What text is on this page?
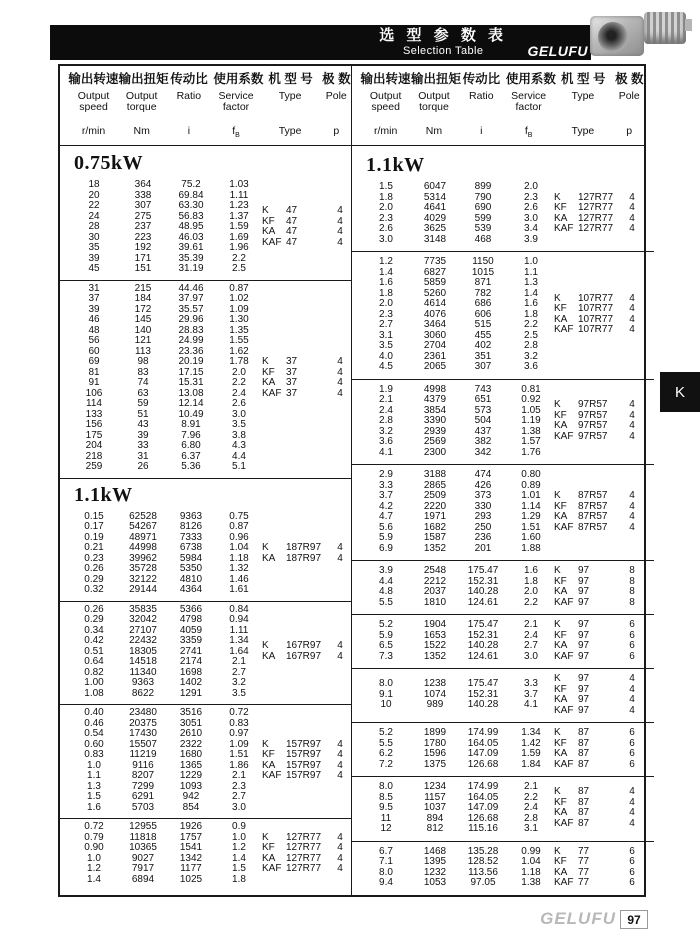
选 型 参 数 表
Selection Table	GELUFU
输出转速 输出扭矩 传动比 使用系数 机 型 号 极 数
Output speed
Output torque
Ratio	Service factor
Type	Pole
r/min	Nm	i	$f_B$	Type	p
0.75kW
18	364	75.2	1.03
20	338	69.84	1.11
22	307	63.30	1.23
24	275	56.83	1.37
28	237	48.95	1.59
30	223	46.03	1.69
35	192	39.61	1.96
39	171	35.39	2.2
45	151	31.19	2.5
K 47	4
KF 47	4
KA 47	4
KAF 47	4
31	215	44.46	0.87
37	184	37.97	1.02
39	172	35.57	1.09
46	145	29.96	1.30
48	140	28.83	1.35
56	121	24.99	1.55
60	113	23.36	1.62
69	98	20.19	1.78
81	83	17.15	2.0
91	74	15.31	2.2
106	63	13.08	2.4
114	59	12.14	2.6
133	51	10.49	3.0
156	43	8.91	3.5
175	39	7.96	3.8
204	33	6.80	4.3
218	31	6.37	4.4
259	26	5.36	5.1
K 37	4
KF 37	4
KA 37	4
KAF 37	4
1.1kW
0.15	62528	9363	0.75
0.17	54267	8126	0.87
0.19	48971	7333	0.96
0.21	44998	6738	1.04
0.23	39962	5984	1.18
0.26	35728	5350	1.32
0.29	32122	4810	1.46
0.32	29144	4364	1.61
K 187R97	4
KA 187R97	4
0.26	35835	5366	0.84
0.29	32042	4798	0.94
0.34	27107	4059	1.11
0.42	22432	3359	1.34
0.51	18305	2741	1.64
0.64	14518	2174	2.1
0.82	11340	1698	2.7
1.00	9363	1402	3.2
1.08	8622	1291	3.5
K 167R97	4
KA 167R97	4
0.40	23480	3516	0.72
0.46	20375	3051	0.83
0.54	17430	2610	0.97
0.60	15507	2322	1.09
0.83	11219	1680	1.51
1.0	9116	1365	1.86
1.1	8207	1229	2.1
1.3	7299	1093	2.3
1.5	6291	942	2.7
1.6	5703	854	3.0
K 157R97	4
KF 157R97	4
KA 157R97	4
KAF 157R97	4
0.72	12955	1926	0.9
0.79	11818	1757	1.0
0.90	10365	1541	1.2
1.0	9027	1342	1.4
1.2	7917	1177	1.5
1.4	6894	1025	1.8
K 127R77	4
KF 127R77	4
KA 127R77	4
KAF 127R77	4
输出转速 输出扭矩 传动比 使用系数 机 型 号 极 数
Output speed
Output torque
Ratio	Service factor
Type	Pole
r/min	Nm	i	$f_B$	Type	p
1.1kW
1.5	6047	899	2.0
1.8	5314	790	2.3
2.0	4641	690	2.6
2.3	4029	599	3.0
2.6	3625	539	3.4
3.0	3148	468	3.9
K 127R77	4
KF 127R77	4
KA 127R77	4
KAF 127R77	4
1.2	7735	1150	1.0
1.4	6827	1015	1.1
1.6	5859	871	1.3
1.8	5260	782	1.4
2.0	4614	686	1.6
2.3	4076	606	1.8
2.7	3464	515	2.2
3.1	3060	455	2.5
3.5	2704	402	2.8
4.0	2361	351	3.2
4.5	2065	307	3.6
K 107R77	4
KF 107R77	4
KA 107R77	4
KAF 107R77	4
1.9	4998	743	0.81
2.1	4379	651	0.92
2.4	3854	573	1.05
2.8	3390	504	1.19
3.2	2939	437	1.38
3.6	2569	382	1.57
4.1	2300	342	1.76
K 97R57	4
KF 97R57	4
KA 97R57	4
KAF 97R57	4
2.9	3188	474	0.80
3.3	2865	426	0.89
3.7	2509	373	1.01
4.2	2220	330	1.14
4.7	1971	293	1.29
5.6	1682	250	1.51
5.9	1587	236	1.60
6.9	1352	201	1.88
K 87R57	4
KF 87R57	4
KA 87R57	4
KAF 87R57	4
3.9	2548	175.47	1.6
4.4	2212	152.31	1.8
4.8	2037	140.28	2.0
5.5	1810	124.61	2.2
K 97	8
KF 97	8
KA 97	8
KAF 97	8
5.2	1904	175.47	2.1
5.9	1653	152.31	2.4
6.5	1522	140.28	2.7
7.3	1352	124.61	3.0
K 97	6
KF 97	6
KA 97	6
KAF 97	6
8.0	1238	175.47	3.3
9.1	1074	152.31	3.7
10	989	140.28	4.1
K 97	4
KF 97	4
KA 97	4
KAF 97	4
5.2	1899	174.99	1.34
5.5	1780	164.05	1.42
6.2	1596	147.09	1.59
7.2	1375	126.68	1.84
K 87	6
KF 87	6
KA 87	6
KAF 87	6
8.0	1234	174.99	2.1
8.5	1157	164.05	2.2
9.5	1037	147.09	2.4
11	894	126.68	2.8
12	812	115.16	3.1
K 87	4
KF 87	4
KA 87	4
KAF 87	4
6.7	1468	135.28	0.99
7.1	1395	128.52	1.04
8.0	1232	113.56	1.18
9.4	1053	97.05	1.38
K 77	6
KF 77	6
KA 77	6
KAF 77	6
K
GELUFU 97
